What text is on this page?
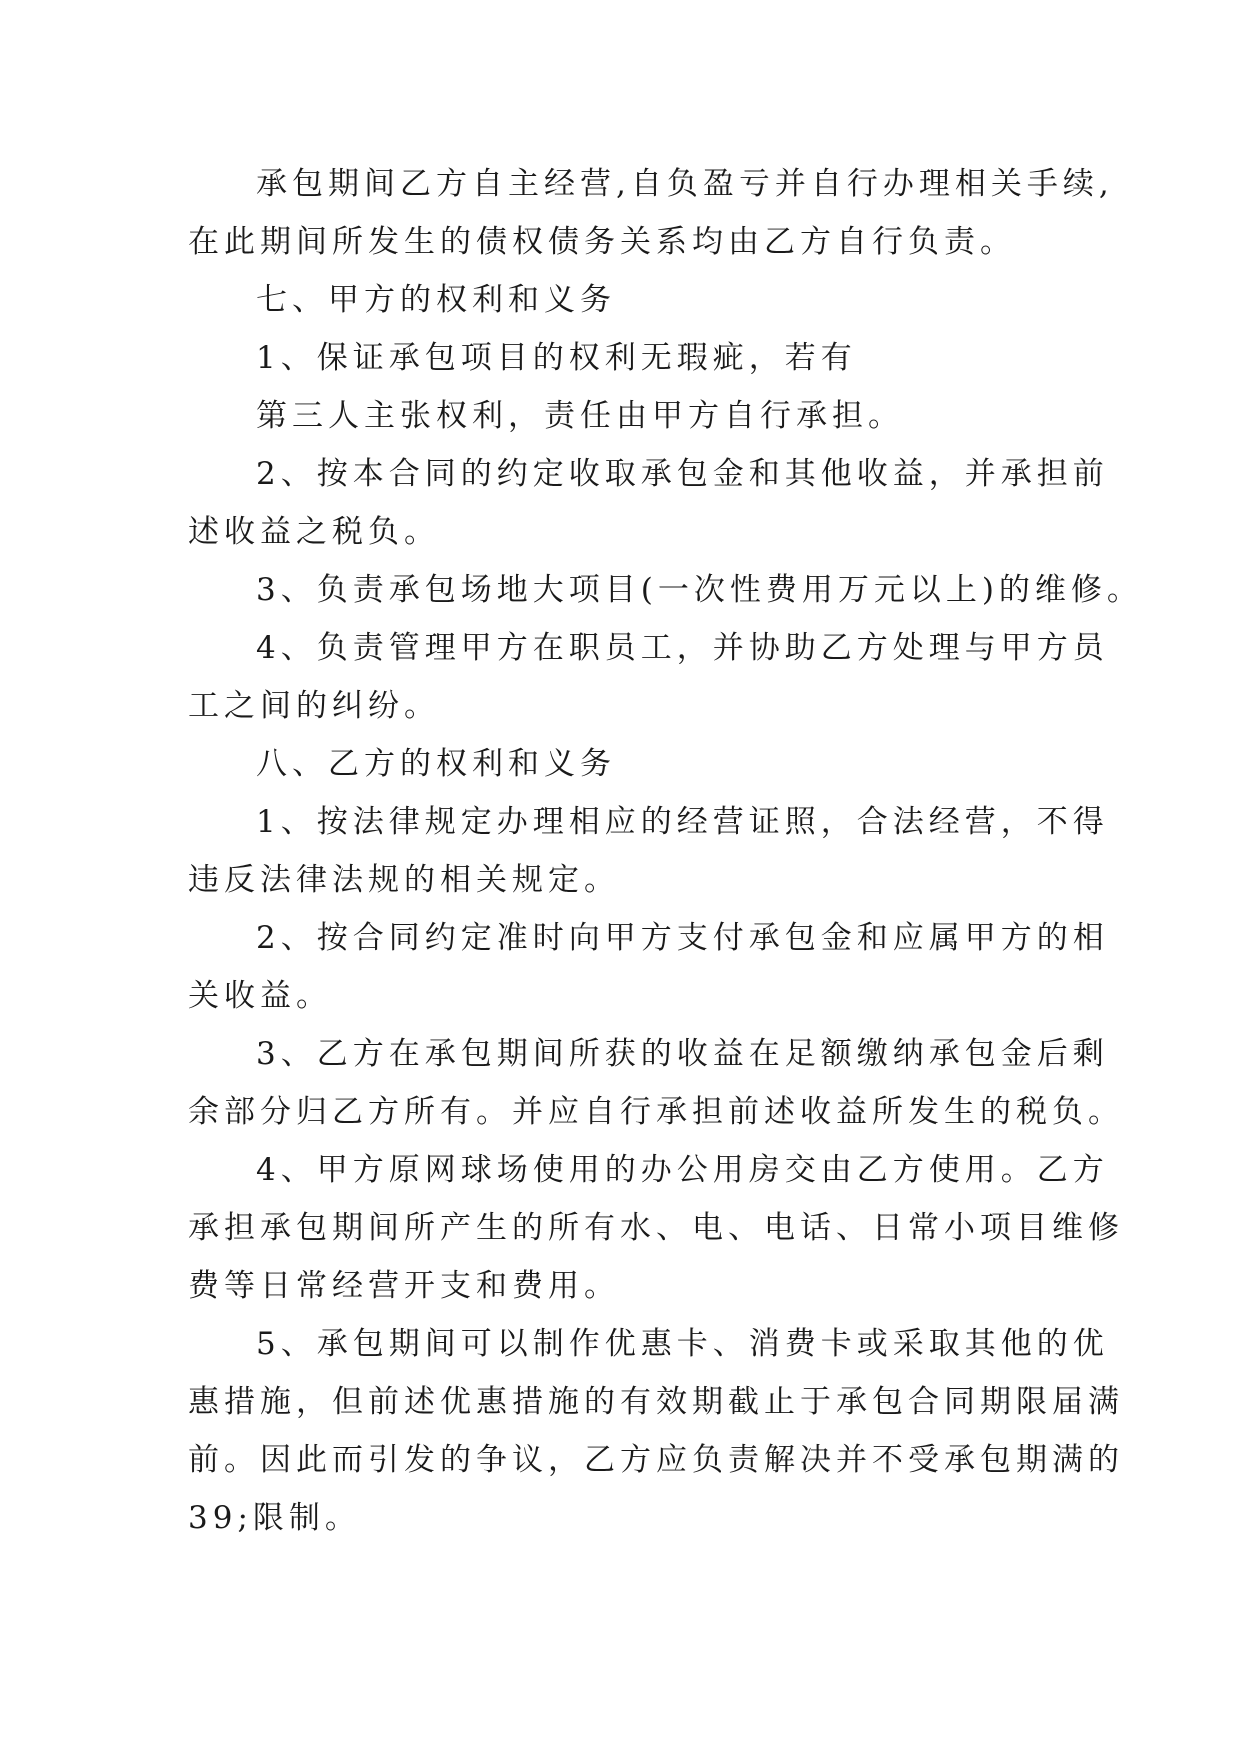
承包期间乙方自主经营,自负盈亏并自行办理相关手续,
在此期间所发生的债权债务关系均由乙方自行负责。
七、甲方的权利和义务
1、保证承包项目的权利无瑕疵，若有
第三人主张权利，责任由甲方自行承担。
2、按本合同的约定收取承包金和其他收益，并承担前
述收益之税负。
3、负责承包场地大项目(一次性费用万元以上)的维修。
4、负责管理甲方在职员工，并协助乙方处理与甲方员
工之间的纠纷。
八、乙方的权利和义务
1、按法律规定办理相应的经营证照，合法经营，不得
违反法律法规的相关规定。
2、按合同约定准时向甲方支付承包金和应属甲方的相
关收益。
3、乙方在承包期间所获的收益在足额缴纳承包金后剩
余部分归乙方所有。并应自行承担前述收益所发生的税负。
4、甲方原网球场使用的办公用房交由乙方使用。乙方
承担承包期间所产生的所有水、电、电话、日常小项目维修
费等日常经营开支和费用。
5、承包期间可以制作优惠卡、消费卡或采取其他的优
惠措施，但前述优惠措施的有效期截止于承包合同期限届满
前。因此而引发的争议，乙方应负责解决并不受承包期满的
39;限制。
